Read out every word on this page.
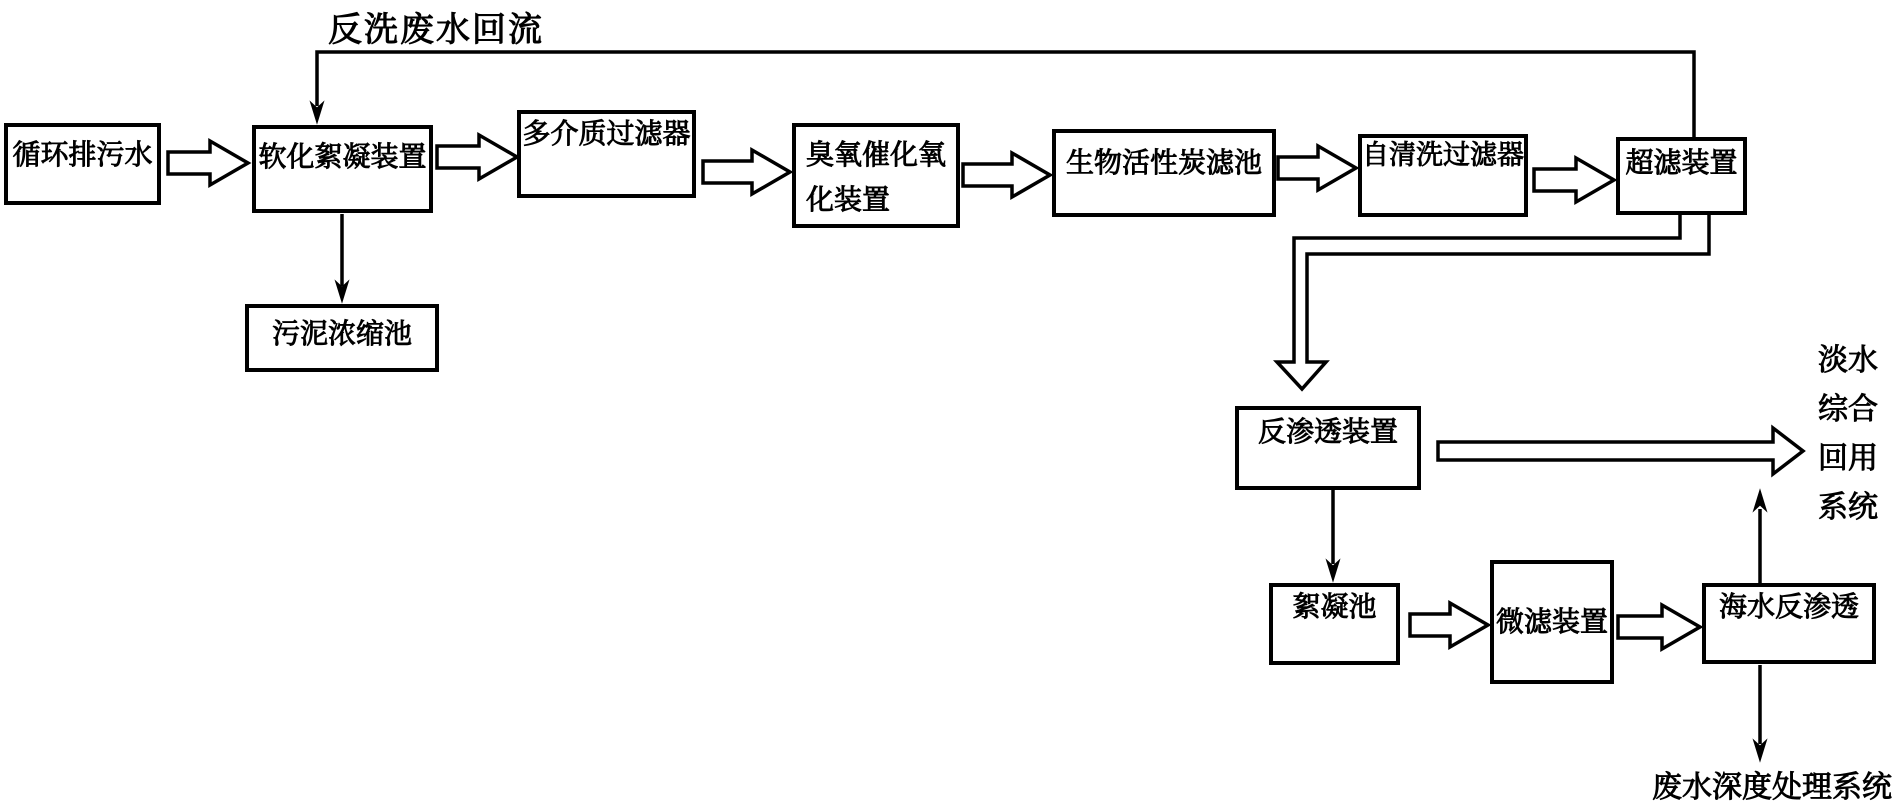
循环排污水	软化絮凝装置
多介质过滤器
臭氧催化氧
化装置
生物活性炭滤池	自清洗过滤器	超滤装置
污泥浓缩池
反渗透装置
絮凝池	微滤装置	海水反渗透
反洗废水回流
淡水
综合
回用
系统
废水深度处理系统
